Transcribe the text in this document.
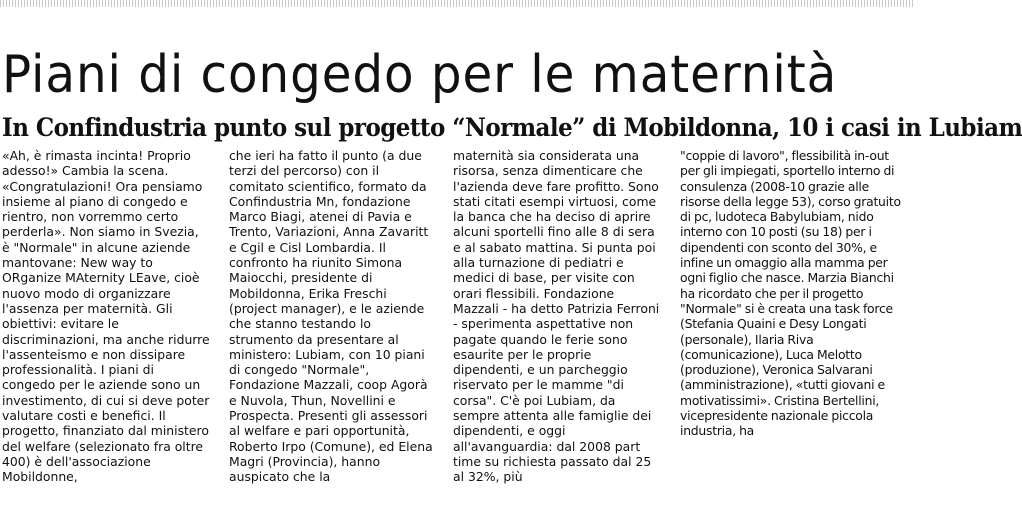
Piani di congedo per le maternità
In Confindustria punto sul progetto “Normale” di Mobildonna, 10 i casi in Lubiam

«Ah, è rimasta incinta! Proprio adesso!» Cambia la scena. «Congratulazioni! Ora pensiamo insieme al piano di congedo e rientro, non vorremmo certo perderla». Non siamo in Svezia, è "Normale" in alcune aziende mantovane: New way to ORganize MAternity LEave, cioè nuovo modo di organizzare l'assenza per maternità. Gli obiettivi: evitare le discriminazioni, ma anche ridurre l'assenteismo e non dissipare professionalità. I piani di congedo per le aziende sono un investimento, di cui si deve poter valutare costi e benefici. Il progetto, finanziato dal ministero del welfare (selezionato fra oltre 400) è dell'associazione Mobildonne,

che ieri ha fatto il punto (a due terzi del percorso) con il comitato scientifico, formato da Confindustria Mn, fondazione Marco Biagi, atenei di Pavia e Trento, Variazioni, Anna Zavaritt e Cgil e Cisl Lombardia. Il confronto ha riunito Simona Maiocchi, presidente di Mobildonna, Erika Freschi (project manager), e le aziende che stanno testando lo strumento da presentare al ministero: Lubiam, con 10 piani di congedo "Normale", Fondazione Mazzali, coop Agorà e Nuvola, Thun, Novellini e Prospecta. Presenti gli assessori al welfare e pari opportunità, Roberto Irpo (Comune), ed Elena Magri (Provincia), hanno auspicato che la

maternità sia considerata una risorsa, senza dimenticare che l'azienda deve fare profitto. Sono stati citati esempi virtuosi, come la banca che ha deciso di aprire alcuni sportelli fino alle 8 di sera e al sabato mattina. Si punta poi alla turnazione di pediatri e medici di base, per visite con orari flessibili. Fondazione Mazzali - ha detto Patrizia Ferroni - sperimenta aspettative non pagate quando le ferie sono esaurite per le proprie dipendenti, e un parcheggio riservato per le mamme "di corsa". C'è poi Lubiam, da sempre attenta alle famiglie dei dipendenti, e oggi all'avanguardia: dal 2008 part time su richiesta passato dal 25 al 32%, più

"coppie di lavoro", flessibilità in-out per gli impiegati, sportello interno di consulenza (2008-10 grazie alle risorse della legge 53), corso gratuito di pc, ludoteca Babylubiam, nido interno con 10 posti (su 18) per i dipendenti con sconto del 30%, e infine un omaggio alla mamma per ogni figlio che nasce. Marzia Bianchi ha ricordato che per il progetto "Normale" si è creata una task force (Stefania Quaini e Desy Longati (personale), Ilaria Riva (comunicazione), Luca Melotto (produzione), Veronica Salvarani (amministrazione), «tutti giovani e motivatissimi». Cristina Bertellini, vicepresidente nazionale piccola industria, ha
